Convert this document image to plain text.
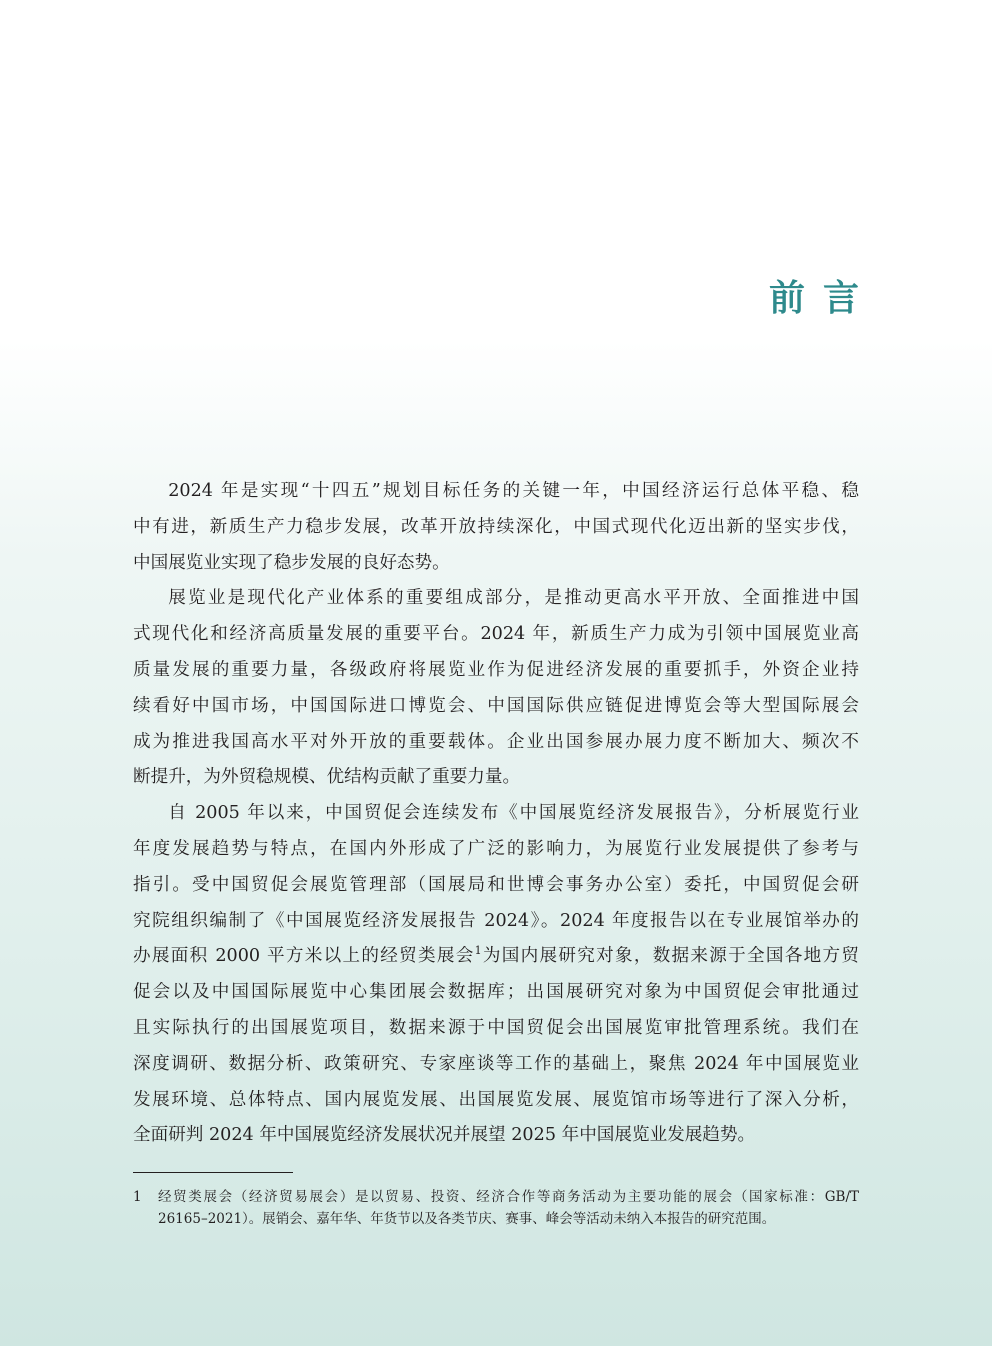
前言

2024 年是实现“十四五”规划目标任务的关键一年，中国经济运行总体平稳、稳
中有进，新质生产力稳步发展，改革开放持续深化，中国式现代化迈出新的坚实步伐，
中国展览业实现了稳步发展的良好态势。

展览业是现代化产业体系的重要组成部分，是推动更高水平开放、全面推进中国
式现代化和经济高质量发展的重要平台。2024 年，新质生产力成为引领中国展览业高
质量发展的重要力量，各级政府将展览业作为促进经济发展的重要抓手，外资企业持
续看好中国市场，中国国际进口博览会、中国国际供应链促进博览会等大型国际展会
成为推进我国高水平对外开放的重要载体。企业出国参展办展力度不断加大、频次不
断提升，为外贸稳规模、优结构贡献了重要力量。

自 2005 年以来，中国贸促会连续发布《中国展览经济发展报告》，分析展览行业
年度发展趋势与特点，在国内外形成了广泛的影响力，为展览行业发展提供了参考与
指引。受中国贸促会展览管理部（国展局和世博会事务办公室）委托，中国贸促会研
究院组织编制了《中国展览经济发展报告 2024》。2024 年度报告以在专业展馆举办的
办展面积 2000 平方米以上的经贸类展会$^1$为国内展研究对象，数据来源于全国各地方贸
促会以及中国国际展览中心集团展会数据库；出国展研究对象为中国贸促会审批通过
且实际执行的出国展览项目，数据来源于中国贸促会出国展览审批管理系统。我们在
深度调研、数据分析、政策研究、专家座谈等工作的基础上，聚焦 2024 年中国展览业
发展环境、总体特点、国内展览发展、出国展览发展、展览馆市场等进行了深入分析，
全面研判 2024 年中国展览经济发展状况并展望 2025 年中国展览业发展趋势。

1 经贸类展会（经济贸易展会）是以贸易、投资、经济合作等商务活动为主要功能的展会（国家标准：GB/T
26165–2021）。展销会、嘉年华、年货节以及各类节庆、赛事、峰会等活动未纳入本报告的研究范围。
